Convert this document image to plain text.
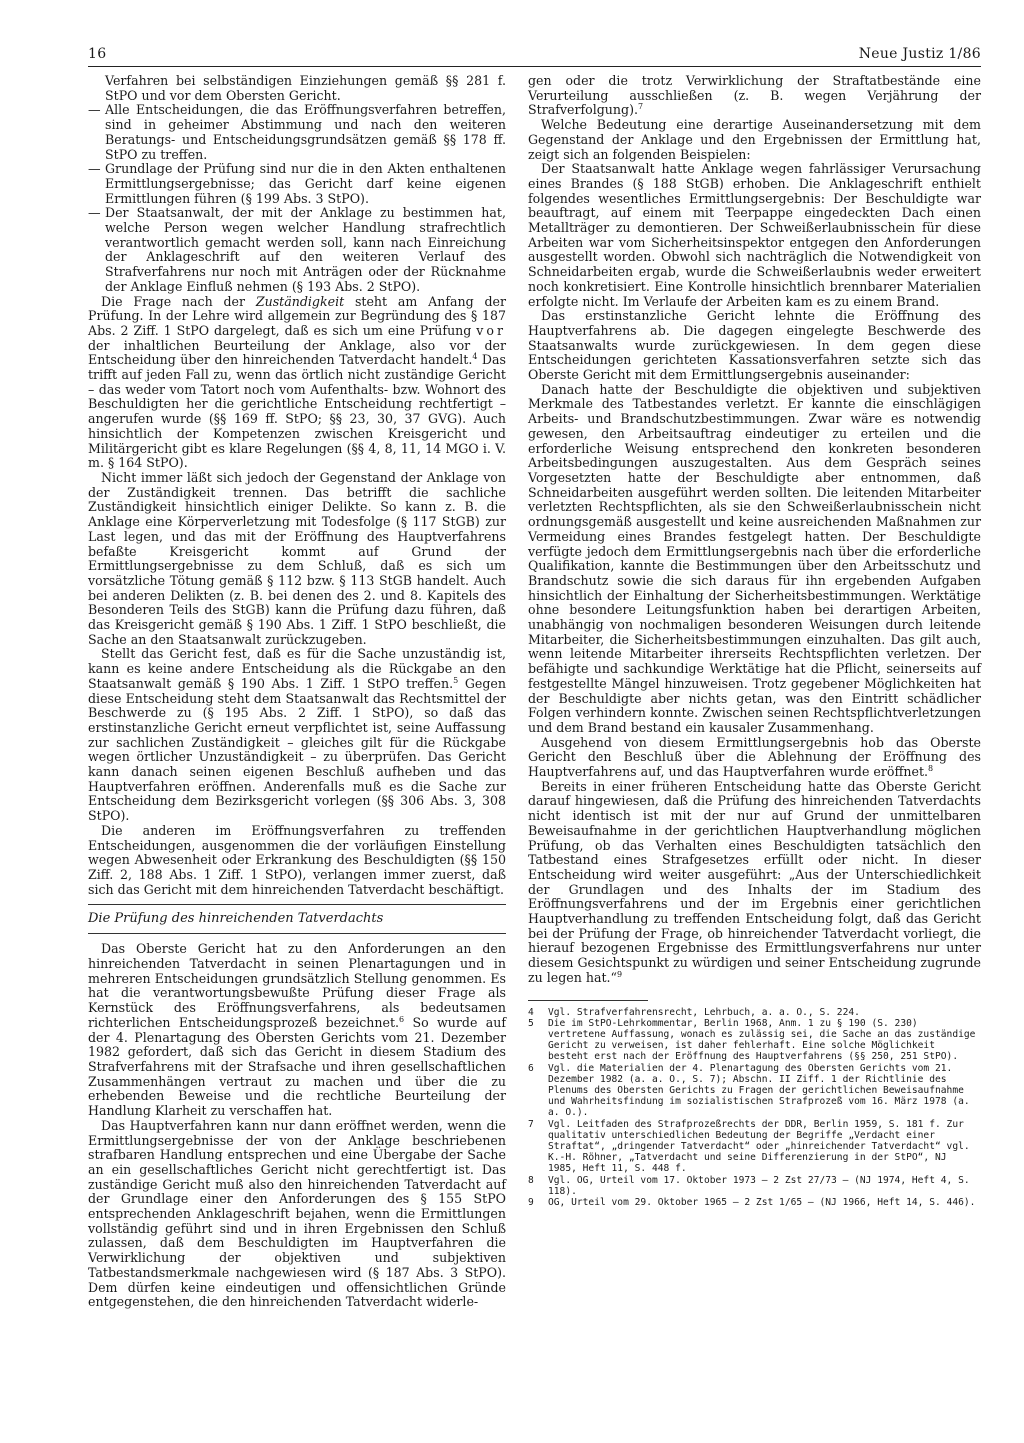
16	Neue Justiz 1/86

Verfahren bei selbständigen Einziehungen gemäß §§ 281 f. StPO und vor dem Obersten Gericht.

— Alle Entscheidungen, die das Eröffnungsverfahren betreffen, sind in geheimer Abstimmung und nach den weiteren Beratungs- und Entscheidungsgrundsätzen gemäß §§ 178 ff. StPO zu treffen.

— Grundlage der Prüfung sind nur die in den Akten enthaltenen Ermittlungsergebnisse; das Gericht darf keine eigenen Ermittlungen führen (§ 199 Abs. 3 StPO).

— Der Staatsanwalt, der mit der Anklage zu bestimmen hat, welche Person wegen welcher Handlung strafrechtlich verantwortlich gemacht werden soll, kann nach Einreichung der Anklageschrift auf den weiteren Verlauf des Strafverfahrens nur noch mit Anträgen oder der Rücknahme der Anklage Einfluß nehmen (§ 193 Abs. 2 StPO).

Die Frage nach der Zuständigkeit steht am Anfang der Prüfung. In der Lehre wird allgemein zur Begründung des § 187 Abs. 2 Ziff. 1 StPO dargelegt, daß es sich um eine Prüfung vor der inhaltlichen Beurteilung der Anklage, also vor der Entscheidung über den hinreichenden Tatverdacht handelt.$^4$ Das trifft auf jeden Fall zu, wenn das örtlich nicht zuständige Gericht – das weder vom Tatort noch vom Aufenthalts- bzw. Wohnort des Beschuldigten her die gerichtliche Entscheidung rechtfertigt – angerufen wurde (§§ 169 ff. StPO; §§ 23, 30, 37 GVG). Auch hinsichtlich der Kompetenzen zwischen Kreisgericht und Militärgericht gibt es klare Regelungen (§§ 4, 8, 11, 14 MGO i. V. m. § 164 StPO).

Nicht immer läßt sich jedoch der Gegenstand der Anklage von der Zuständigkeit trennen. Das betrifft die sachliche Zuständigkeit hinsichtlich einiger Delikte. So kann z. B. die Anklage eine Körperverletzung mit Todesfolge (§ 117 StGB) zur Last legen, und das mit der Eröffnung des Hauptverfahrens befaßte Kreisgericht kommt auf Grund der Ermittlungsergebnisse zu dem Schluß, daß es sich um vorsätzliche Tötung gemäß § 112 bzw. § 113 StGB handelt. Auch bei anderen Delikten (z. B. bei denen des 2. und 8. Kapitels des Besonderen Teils des StGB) kann die Prüfung dazu führen, daß das Kreisgericht gemäß § 190 Abs. 1 Ziff. 1 StPO beschließt, die Sache an den Staatsanwalt zurückzugeben.

Stellt das Gericht fest, daß es für die Sache unzuständig ist, kann es keine andere Entscheidung als die Rückgabe an den Staatsanwalt gemäß § 190 Abs. 1 Ziff. 1 StPO treffen.$^5$ Gegen diese Entscheidung steht dem Staatsanwalt das Rechtsmittel der Beschwerde zu (§ 195 Abs. 2 Ziff. 1 StPO), so daß das erstinstanzliche Gericht erneut verpflichtet ist, seine Auffassung zur sachlichen Zuständigkeit – gleiches gilt für die Rückgabe wegen örtlicher Unzuständigkeit – zu überprüfen. Das Gericht kann danach seinen eigenen Beschluß aufheben und das Hauptverfahren eröffnen. Anderenfalls muß es die Sache zur Entscheidung dem Bezirksgericht vorlegen (§§ 306 Abs. 3, 308 StPO).

Die anderen im Eröffnungsverfahren zu treffenden Entscheidungen, ausgenommen die der vorläufigen Einstellung wegen Abwesenheit oder Erkrankung des Beschuldigten (§§ 150 Ziff. 2, 188 Abs. 1 Ziff. 1 StPO), verlangen immer zuerst, daß sich das Gericht mit dem hinreichenden Tatverdacht beschäftigt.

Die Prüfung des hinreichenden Tatverdachts

Das Oberste Gericht hat zu den Anforderungen an den hinreichenden Tatverdacht in seinen Plenartagungen und in mehreren Entscheidungen grundsätzlich Stellung genommen. Es hat die verantwortungsbewußte Prüfung dieser Frage als Kernstück des Eröffnungsverfahrens, als bedeutsamen richterlichen Entscheidungsprozeß bezeichnet.$^6$ So wurde auf der 4. Plenartagung des Obersten Gerichts vom 21. Dezember 1982 gefordert, daß sich das Gericht in diesem Stadium des Strafverfahrens mit der Strafsache und ihren gesellschaftlichen Zusammenhängen vertraut zu machen und über die zu erhebenden Beweise und die rechtliche Beurteilung der Handlung Klarheit zu verschaffen hat.

Das Hauptverfahren kann nur dann eröffnet werden, wenn die Ermittlungsergebnisse der von der Anklage beschriebenen strafbaren Handlung entsprechen und eine Übergabe der Sache an ein gesellschaftliches Gericht nicht gerechtfertigt ist. Das zuständige Gericht muß also den hinreichenden Tatverdacht auf der Grundlage einer den Anforderungen des § 155 StPO entsprechenden Anklageschrift bejahen, wenn die Ermittlungen vollständig geführt sind und in ihren Ergebnissen den Schluß zulassen, daß dem Beschuldigten im Hauptverfahren die Verwirklichung der objektiven und subjektiven Tatbestandsmerkmale nachgewiesen wird (§ 187 Abs. 3 StPO). Dem dürfen keine eindeutigen und offensichtlichen Gründe entgegenstehen, die den hinreichenden Tatverdacht widerle-

gen oder die trotz Verwirklichung der Straftatbestände eine Verurteilung ausschließen (z. B. wegen Verjährung der Strafverfolgung).$^7$

Welche Bedeutung eine derartige Auseinandersetzung mit dem Gegenstand der Anklage und den Ergebnissen der Ermittlung hat, zeigt sich an folgenden Beispielen:

Der Staatsanwalt hatte Anklage wegen fahrlässiger Verursachung eines Brandes (§ 188 StGB) erhoben. Die Anklageschrift enthielt folgendes wesentliches Ermittlungsergebnis: Der Beschuldigte war beauftragt, auf einem mit Teerpappe eingedeckten Dach einen Metallträger zu demontieren. Der Schweißerlaubnisschein für diese Arbeiten war vom Sicherheitsinspektor entgegen den Anforderungen ausgestellt worden. Obwohl sich nachträglich die Notwendigkeit von Schneidarbeiten ergab, wurde die Schweißerlaubnis weder erweitert noch konkretisiert. Eine Kontrolle hinsichtlich brennbarer Materialien erfolgte nicht. Im Verlaufe der Arbeiten kam es zu einem Brand.

Das erstinstanzliche Gericht lehnte die Eröffnung des Hauptverfahrens ab. Die dagegen eingelegte Beschwerde des Staatsanwalts wurde zurückgewiesen. In dem gegen diese Entscheidungen gerichteten Kassationsverfahren setzte sich das Oberste Gericht mit dem Ermittlungsergebnis auseinander:

Danach hatte der Beschuldigte die objektiven und subjektiven Merkmale des Tatbestandes verletzt. Er kannte die einschlägigen Arbeits- und Brandschutzbestimmungen. Zwar wäre es notwendig gewesen, den Arbeitsauftrag eindeutiger zu erteilen und die erforderliche Weisung entsprechend den konkreten besonderen Arbeitsbedingungen auszugestalten. Aus dem Gespräch seines Vorgesetzten hatte der Beschuldigte aber entnommen, daß Schneidarbeiten ausgeführt werden sollten. Die leitenden Mitarbeiter verletzten Rechtspflichten, als sie den Schweißerlaubnisschein nicht ordnungsgemäß ausgestellt und keine ausreichenden Maßnahmen zur Vermeidung eines Brandes festgelegt hatten. Der Beschuldigte verfügte jedoch dem Ermittlungsergebnis nach über die erforderliche Qualifikation, kannte die Bestimmungen über den Arbeitsschutz und Brandschutz sowie die sich daraus für ihn ergebenden Aufgaben hinsichtlich der Einhaltung der Sicherheitsbestimmungen. Werktätige ohne besondere Leitungsfunktion haben bei derartigen Arbeiten, unabhängig von nochmaligen besonderen Weisungen durch leitende Mitarbeiter, die Sicherheitsbestimmungen einzuhalten. Das gilt auch, wenn leitende Mitarbeiter ihrerseits Rechtspflichten verletzen. Der befähigte und sachkundige Werktätige hat die Pflicht, seinerseits auf festgestellte Mängel hinzuweisen. Trotz gegebener Möglichkeiten hat der Beschuldigte aber nichts getan, was den Eintritt schädlicher Folgen verhindern konnte. Zwischen seinen Rechtspflichtverletzungen und dem Brand bestand ein kausaler Zusammenhang.

Ausgehend von diesem Ermittlungsergebnis hob das Oberste Gericht den Beschluß über die Ablehnung der Eröffnung des Hauptverfahrens auf, und das Hauptverfahren wurde eröffnet.$^8$

Bereits in einer früheren Entscheidung hatte das Oberste Gericht darauf hingewiesen, daß die Prüfung des hinreichenden Tatverdachts nicht identisch ist mit der nur auf Grund der unmittelbaren Beweisaufnahme in der gerichtlichen Hauptverhandlung möglichen Prüfung, ob das Verhalten eines Beschuldigten tatsächlich den Tatbestand eines Strafgesetzes erfüllt oder nicht. In dieser Entscheidung wird weiter ausgeführt: „Aus der Unterschiedlichkeit der Grundlagen und des Inhalts der im Stadium des Eröffnungsverfahrens und der im Ergebnis einer gerichtlichen Hauptverhandlung zu treffenden Entscheidung folgt, daß das Gericht bei der Prüfung der Frage, ob hinreichender Tatverdacht vorliegt, die hierauf bezogenen Ergebnisse des Ermittlungsverfahrens nur unter diesem Gesichtspunkt zu würdigen und seiner Entscheidung zugrunde zu legen hat.“$^9$

4 Vgl. Strafverfahrensrecht, Lehrbuch, a. a. O., S. 224.
5 Die im StPO-Lehrkommentar, Berlin 1968, Anm. 1 zu § 190 (S. 230) vertretene Auffassung, wonach es zulässig sei, die Sache an das zuständige Gericht zu verweisen, ist daher fehlerhaft. Eine solche Möglichkeit besteht erst nach der Eröffnung des Hauptverfahrens (§§ 250, 251 StPO).
6 Vgl. die Materialien der 4. Plenartagung des Obersten Gerichts vom 21. Dezember 1982 (a. a. O., S. 7); Abschn. II Ziff. 1 der Richtlinie des Plenums des Obersten Gerichts zu Fragen der gerichtlichen Beweisaufnahme und Wahrheitsfindung im sozialistischen Strafprozeß vom 16. März 1978 (a. a. O.).
7 Vgl. Leitfaden des Strafprozeßrechts der DDR, Berlin 1959, S. 181 f. Zur qualitativ unterschiedlichen Bedeutung der Begriffe „Verdacht einer Straftat“, „dringender Tatverdacht“ oder „hinreichender Tatverdacht“ vgl. K.-H. Röhner, „Tatverdacht und seine Differenzierung in der StPO“, NJ 1985, Heft 11, S. 448 f.
8 Vgl. OG, Urteil vom 17. Oktober 1973 – 2 Zst 27/73 – (NJ 1974, Heft 4, S. 118).
9 OG, Urteil vom 29. Oktober 1965 – 2 Zst 1/65 – (NJ 1966, Heft 14, S. 446).
